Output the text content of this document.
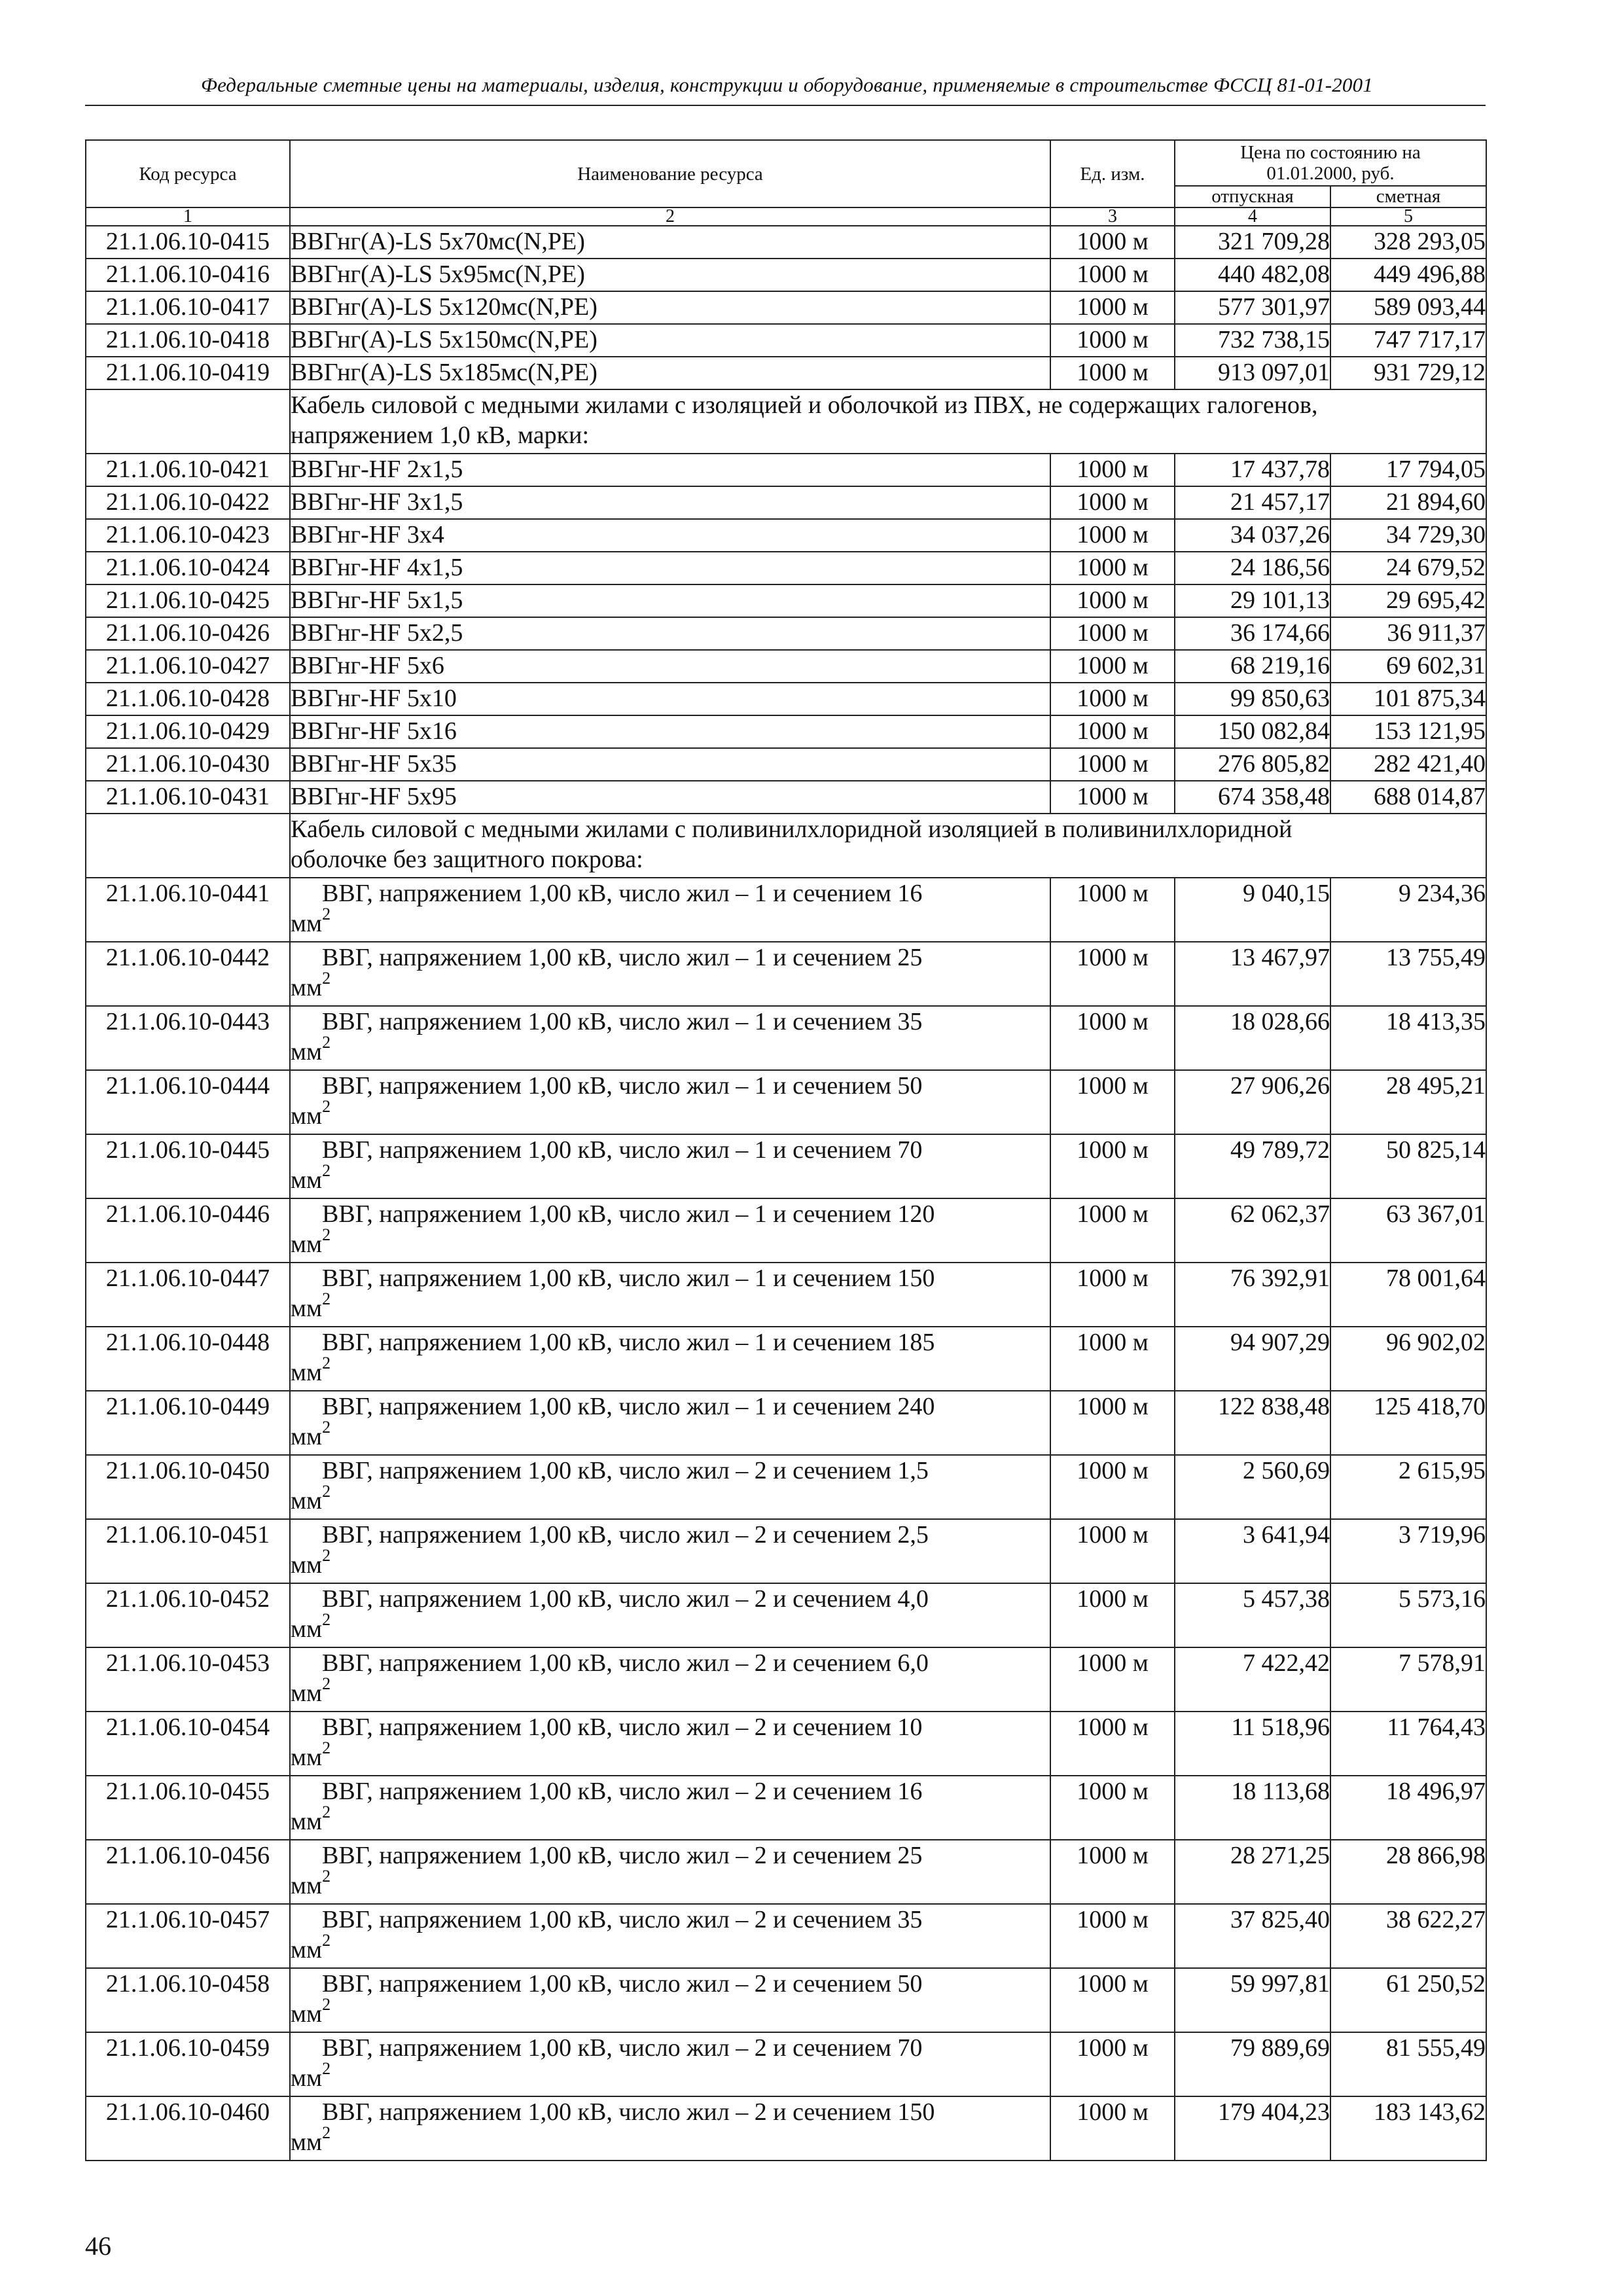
Федеральные сметные цены на материалы, изделия, конструкции и оборудование, применяемые в строительстве ФССЦ 81-01-2001
Код ресурса	Наименование ресурса	Ед. изм.	Цена по состоянию на 01.01.2000, руб.	
			отпускная	сметная
1	2	3	4	5
21.1.06.10-0415	ВВГнг(A)-LS 5х70мс(N,PE)	1000 м	321 709,28	328 293,05
21.1.06.10-0416	ВВГнг(A)-LS 5х95мс(N,PE)	1000 м	440 482,08	449 496,88
21.1.06.10-0417	ВВГнг(A)-LS 5х120мс(N,PE)	1000 м	577 301,97	589 093,44
21.1.06.10-0418	ВВГнг(A)-LS 5х150мс(N,PE)	1000 м	732 738,15	747 717,17
21.1.06.10-0419	ВВГнг(A)-LS 5х185мс(N,PE)	1000 м	913 097,01	931 729,12

	Кабель силовой с медными жилами с изоляцией и оболочкой из ПВХ, не содержащих галогенов,
напряжением 1,0 кВ, марки:			

21.1.06.10-0421	ВВГнг-HF 2х1,5	1000 м	17 437,78	17 794,05
21.1.06.10-0422	ВВГнг-HF 3х1,5	1000 м	21 457,17	21 894,60
21.1.06.10-0423	ВВГнг-HF 3х4	1000 м	34 037,26	34 729,30
21.1.06.10-0424	ВВГнг-HF 4х1,5	1000 м	24 186,56	24 679,52
21.1.06.10-0425	ВВГнг-HF 5х1,5	1000 м	29 101,13	29 695,42
21.1.06.10-0426	ВВГнг-HF 5х2,5	1000 м	36 174,66	36 911,37
21.1.06.10-0427	ВВГнг-HF 5х6	1000 м	68 219,16	69 602,31
21.1.06.10-0428	ВВГнг-HF 5х10	1000 м	99 850,63	101 875,34
21.1.06.10-0429	ВВГнг-HF 5х16	1000 м	150 082,84	153 121,95
21.1.06.10-0430	ВВГнг-HF 5х35	1000 м	276 805,82	282 421,40
21.1.06.10-0431	ВВГнг-HF 5х95	1000 м	674 358,48	688 014,87

	Кабель силовой с медными жилами с поливинилхлоридной изоляцией в поливинилхлоридной
оболочке без защитного покрова:			

21.1.06.10-0441	ВВГ, напряжением 1,00 кВ, число жил – 1 и сечением 16
$мм^2$	1000 м	9 040,15	9 234,36
21.1.06.10-0442	ВВГ, напряжением 1,00 кВ, число жил – 1 и сечением 25
$мм^2$	1000 м	13 467,97	13 755,49
21.1.06.10-0443	ВВГ, напряжением 1,00 кВ, число жил – 1 и сечением 35
$мм^2$	1000 м	18 028,66	18 413,35
21.1.06.10-0444	ВВГ, напряжением 1,00 кВ, число жил – 1 и сечением 50
$мм^2$	1000 м	27 906,26	28 495,21
21.1.06.10-0445	ВВГ, напряжением 1,00 кВ, число жил – 1 и сечением 70
$мм^2$	1000 м	49 789,72	50 825,14
21.1.06.10-0446	ВВГ, напряжением 1,00 кВ, число жил – 1 и сечением 120
$мм^2$	1000 м	62 062,37	63 367,01
21.1.06.10-0447	ВВГ, напряжением 1,00 кВ, число жил – 1 и сечением 150
$мм^2$	1000 м	76 392,91	78 001,64
21.1.06.10-0448	ВВГ, напряжением 1,00 кВ, число жил – 1 и сечением 185
$мм^2$	1000 м	94 907,29	96 902,02
21.1.06.10-0449	ВВГ, напряжением 1,00 кВ, число жил – 1 и сечением 240
$мм^2$	1000 м	122 838,48	125 418,70
21.1.06.10-0450	ВВГ, напряжением 1,00 кВ, число жил – 2 и сечением 1,5
$мм^2$	1000 м	2 560,69	2 615,95
21.1.06.10-0451	ВВГ, напряжением 1,00 кВ, число жил – 2 и сечением 2,5
$мм^2$	1000 м	3 641,94	3 719,96
21.1.06.10-0452	ВВГ, напряжением 1,00 кВ, число жил – 2 и сечением 4,0
$мм^2$	1000 м	5 457,38	5 573,16
21.1.06.10-0453	ВВГ, напряжением 1,00 кВ, число жил – 2 и сечением 6,0
$мм^2$	1000 м	7 422,42	7 578,91
21.1.06.10-0454	ВВГ, напряжением 1,00 кВ, число жил – 2 и сечением 10
$мм^2$	1000 м	11 518,96	11 764,43
21.1.06.10-0455	ВВГ, напряжением 1,00 кВ, число жил – 2 и сечением 16
$мм^2$	1000 м	18 113,68	18 496,97
21.1.06.10-0456	ВВГ, напряжением 1,00 кВ, число жил – 2 и сечением 25
$мм^2$	1000 м	28 271,25	28 866,98
21.1.06.10-0457	ВВГ, напряжением 1,00 кВ, число жил – 2 и сечением 35
$мм^2$	1000 м	37 825,40	38 622,27
21.1.06.10-0458	ВВГ, напряжением 1,00 кВ, число жил – 2 и сечением 50
$мм^2$	1000 м	59 997,81	61 250,52
21.1.06.10-0459	ВВГ, напряжением 1,00 кВ, число жил – 2 и сечением 70
$мм^2$	1000 м	79 889,69	81 555,49
21.1.06.10-0460	ВВГ, напряжением 1,00 кВ, число жил – 2 и сечением 150
$мм^2$	1000 м	179 404,23	183 143,62
46
